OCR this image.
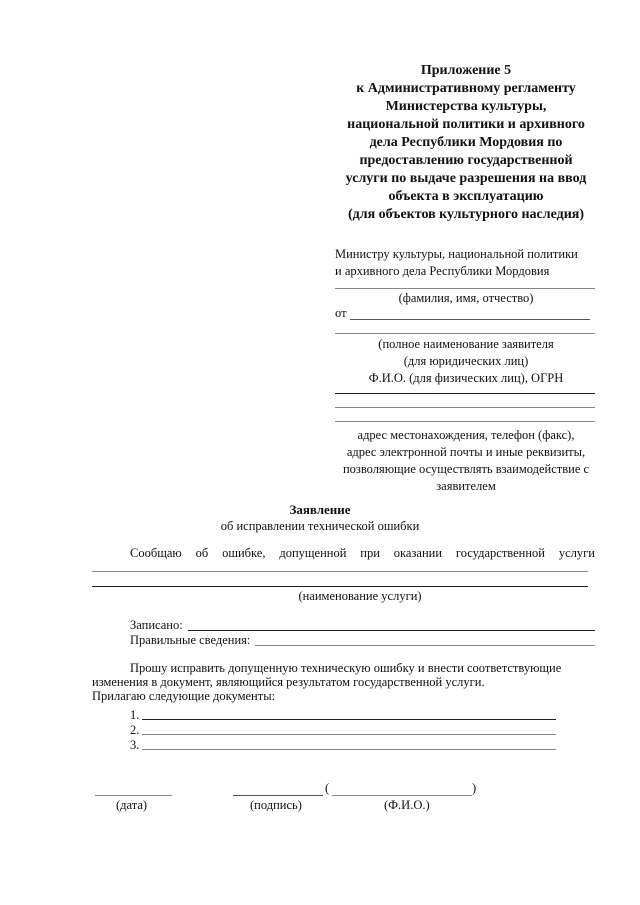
Приложение 5
к Административному регламенту
Министерства культуры,
национальной политики и архивного
дела Республики Мордовия по
предоставлению государственной
услуги по выдаче разрешения на ввод
объекта в эксплуатацию
(для объектов культурного наследия)
Министру культуры, национальной политики
и архивного дела Республики Мордовия
(фамилия, имя, отчество)
от
(полное наименование заявителя
(для юридических лиц)
Ф.И.О. (для физических лиц), ОГРН
адрес местонахождения, телефон (факс),
адрес электронной почты и иные реквизиты,
позволяющие осуществлять взаимодействие с
заявителем
Заявление
об исправлении технической ошибки
Сообщаю об ошибке, допущенной при оказании государственной услуги
(наименование услуги)
Записано:
Правильные сведения:
Прошу исправить допущенную техническую ошибку и внести соответствующие
изменения в документ, являющийся результатом государственной услуги.
Прилагаю следующие документы:
1.
2.
3.
(	)
(дата)	(подпись)	(Ф.И.О.)
